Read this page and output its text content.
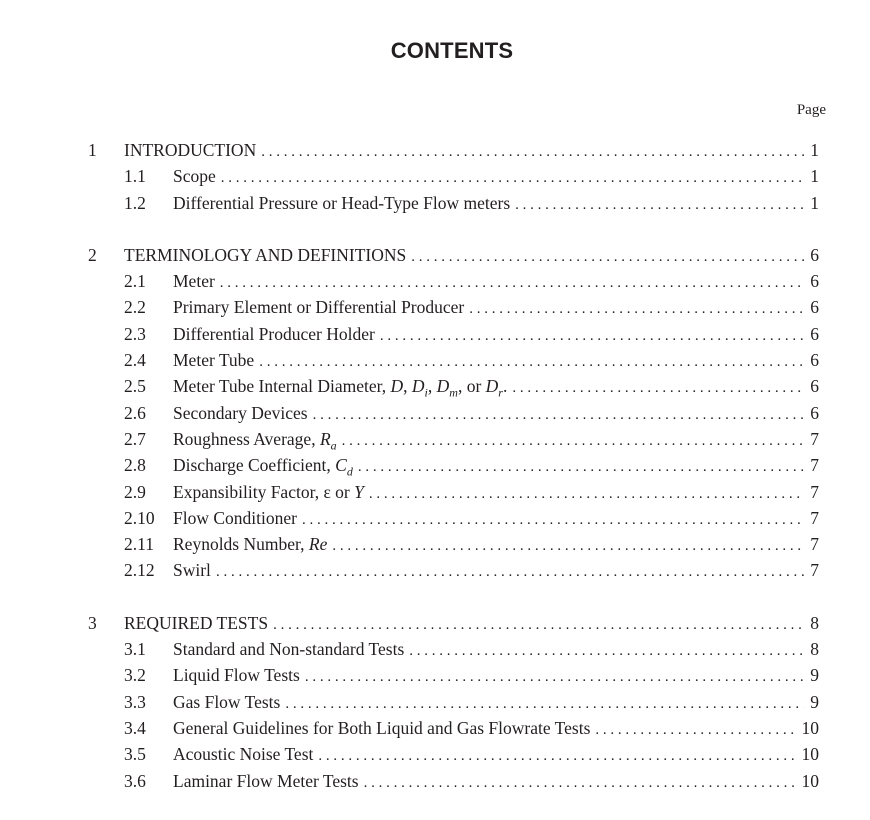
CONTENTS
Page
1	INTRODUCTION . . .	1
1.1	Scope . . .	1
1.2	Differential Pressure or Head-Type Flow meters . . .	1
2	TERMINOLOGY AND DEFINITIONS . . .	6
2.1	Meter . . .	6
2.2	Primary Element or Differential Producer . . .	6
2.3	Differential Producer Holder . . .	6
2.4	Meter Tube . . .	6
2.5	Meter Tube Internal Diameter, D, $D_i$, $D_m$, or $D_r$. . . .	6
2.6	Secondary Devices . . .	6
2.7	Roughness Average, $R_a$ . . .	7
2.8	Discharge Coefficient, $C_d$ . . .	7
2.9	Expansibility Factor, ε or Y . . .	7
2.10	Flow Conditioner . . .	7
2.11	Reynolds Number, Re . . .	7
2.12	Swirl . . .	7
3	REQUIRED TESTS . . .	8
3.1	Standard and Non-standard Tests . . .	8
3.2	Liquid Flow Tests . . .	9
3.3	Gas Flow Tests . . .	9
3.4	General Guidelines for Both Liquid and Gas Flowrate Tests . . .	10
3.5	Acoustic Noise Test . . .	10
3.6	Laminar Flow Meter Tests . . .	10
